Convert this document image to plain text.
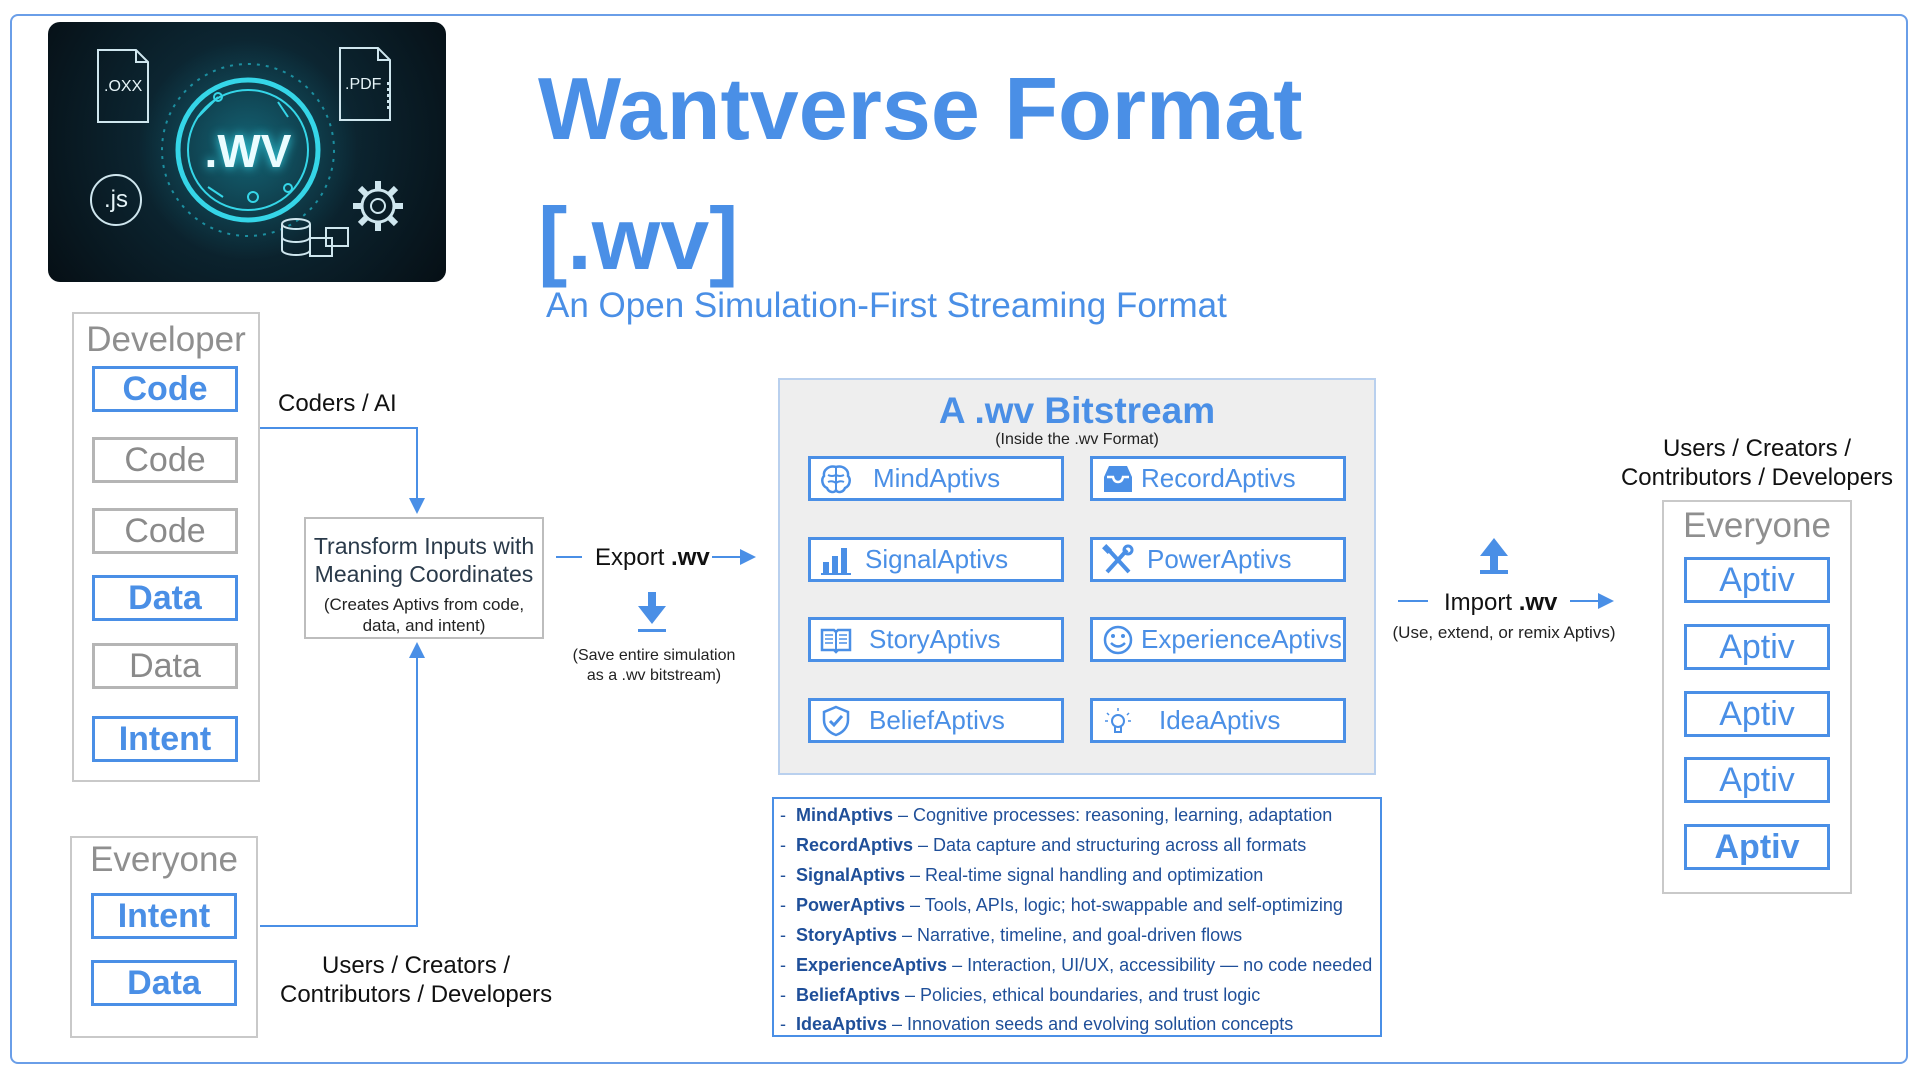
.WV
.OXX	.PDF
.js
Wantverse Format
[.wv]
An Open Simulation-First Streaming Format
Developer
Code
Code
Code
Data
Data
Intent
Everyone
Intent
Data
Coders / AI
Users / Creators /
Contributors / Developers
Transform Inputs with
Meaning Coordinates
(Creates Aptivs from code,
data, and intent)
Export .wv
(Save entire simulation
as a .wv bitstream)
A .wv Bitstream
(Inside the .wv Format)
MindAptivs	RecordAptivs
SignalAptivs	PowerAptivs
StoryAptivs	ExperienceAptivs
BeliefAptivs	IdeaAptivs
- MindAptivs – Cognitive processes: reasoning, learning, adaptation
- RecordAptivs – Data capture and structuring across all formats
- SignalAptivs – Real-time signal handling and optimization
- PowerAptivs – Tools, APIs, logic; hot-swappable and self-optimizing
- StoryAptivs – Narrative, timeline, and goal-driven flows
- ExperienceAptivs – Interaction, UI/UX, accessibility — no code needed
- BeliefAptivs – Policies, ethical boundaries, and trust logic
- IdeaAptivs – Innovation seeds and evolving solution concepts
Import .wv
(Use, extend, or remix Aptivs)
Users / Creators /
Contributors / Developers
Everyone
Aptiv
Aptiv
Aptiv
Aptiv
Aptiv
